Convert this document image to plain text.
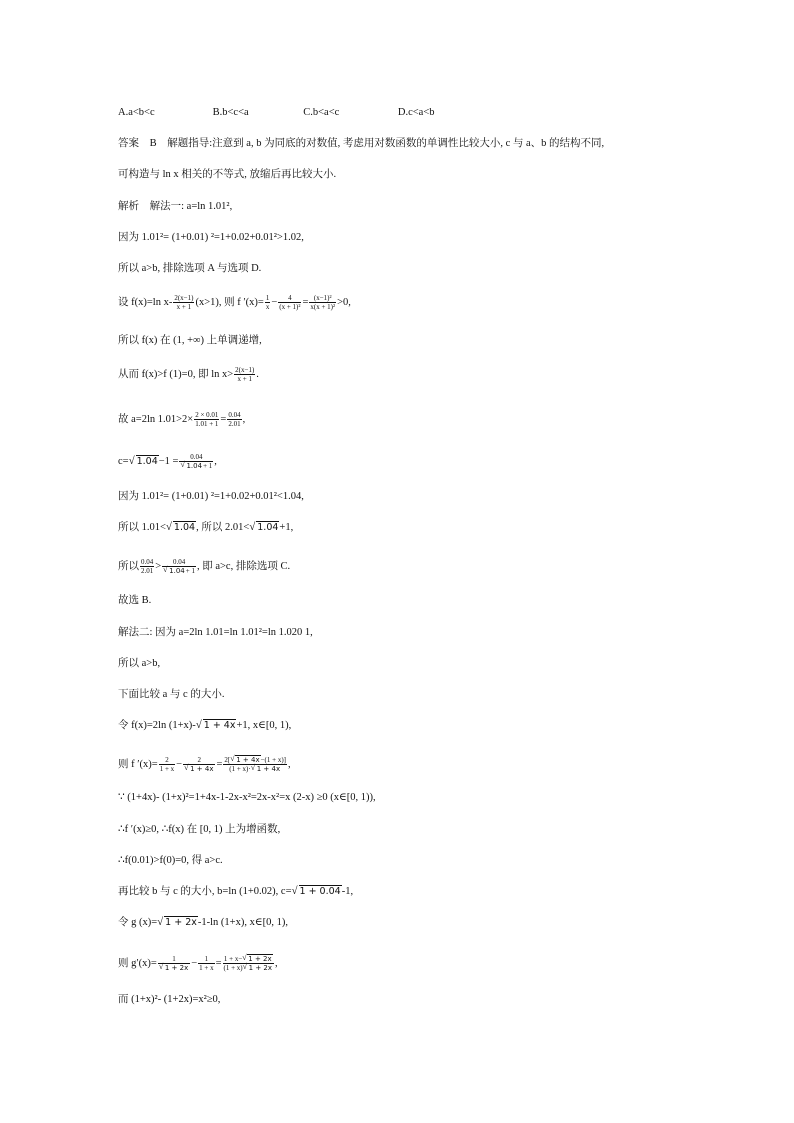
A.a<b<c	B.b<c<a	C.b<a<c	D.c<a<b
答案 B 解题指导:注意到 a, b 为同底的对数值, 考虑用对数函数的单调性比较大小, c 与 a、b 的结构不同,
可构造与 ln x 相关的不等式, 放缩后再比较大小.
解析 解法一: a=ln 1.01²,
因为 1.01²= (1+0.01) ²=1+0.02+0.01²>1.02,
所以 a>b, 排除选项 A 与选项 D.
设 f(x)=ln $x- \frac{2(x-1)}{x + 1} (x>1)$, 则 f $'(x)= \frac{1}{x} - \frac{4}{\text{(x + 1)²}} = \frac{\text{(x−1)²}}{\text{x(x + 1)²}} >0$,
所以 f(x) 在 (1, +∞) 上单调递增,
从而 f(x)>f (1)=0, 即 $\ln x> \frac{2(x-1)}{x + 1}$ .
故 a=2ln $1.01>2\times \frac{2 \times 0.01}{1.01 + 1} = \frac{0.04}{2.01}$ ,
c= √ 1.04−1 = 0.04
√ 1.04+ 1 ,
因为 1.01²= (1+0.01) ²=1+0.02+0.01²<1.04,
所以 1.01< √ 1.04, 所以 2.01< √ 1.04+1,
所以 $\frac{0.04}{2.01} > 0.04$
√ 1.04+ 1 , 即 a>c, 排除选项 C.
故选 B.
解法二: 因为 a=2ln 1.01=ln 1.01²=ln 1.020 1,
所以 a>b,
下面比较 a 与 c 的大小.
令 f(x)=2ln (1+x)- √ 1 + 4x+1, x∈[0, 1),
则 f $'(x)= \frac{2}{1 + x} - 2$
√ $1 + 4x = \frac{2[ √ 1 + 4x-(1 + x)]}{(1 + x)\cdot √ 1 + 4x}$ ,
∵ (1+4x)- (1+x)²=1+4x-1-2x-x²=2x-x²=x (2-x) ≥0 (x∈[0, 1)),
∴f ′(x)≥0, ∴f(x) 在 [0, 1) 上为增函数,
∴f(0.01)>f(0)=0, 得 a>c.
再比较 b 与 c 的大小, b=ln (1+0.02), c= √ 1 + 0.04-1,
令 g (x)= √ 1 + 2x-1-ln (1+x), x∈[0, 1),
则 g′(x)= 1
√ $1 + 2x - \frac{1}{1 + x} = \frac{1 + x- √ 1 + 2x}{(1 + x) √ 1 + 2x}$ ,
而 (1+x)²- (1+2x)=x²≥0,
